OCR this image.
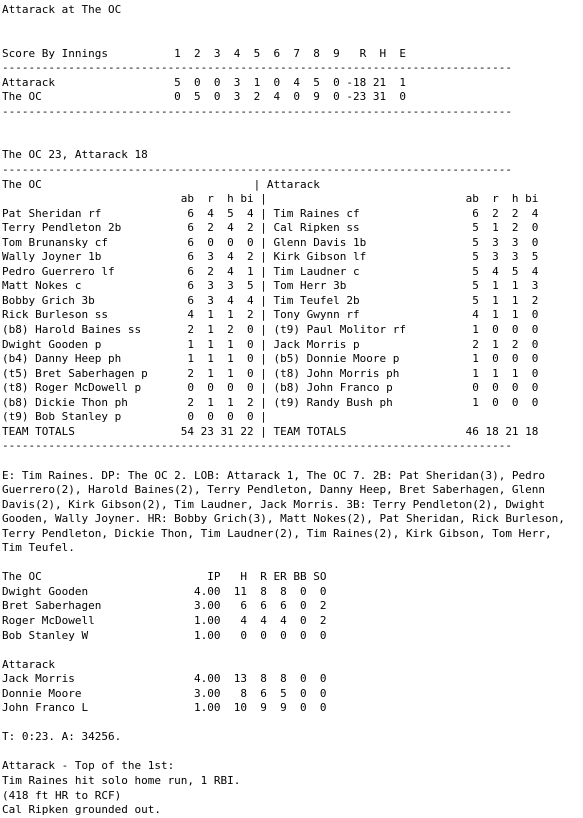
Attarack at The OC
Score By Innings          1  2  3  4  5  6  7  8  9   R  H  E
-----------------------------------------------------------------------------
Attarack                  5  0  0  3  1  0  4  5  0 -18 21  1
The OC                    0  5  0  3  2  4  0  9  0 -23 31  0
-----------------------------------------------------------------------------
The OC 23, Attarack 18
-----------------------------------------------------------------------------
The OC                                | Attarack
ab  r  h bi |                              ab  r  h bi
Pat Sheridan rf             6  4  5  4 | Tim Raines cf                 6  2  2  4
Terry Pendleton 2b          6  2  4  2 | Cal Ripken ss                 5  1  2  0
Tom Brunansky cf            6  0  0  0 | Glenn Davis 1b                5  3  3  0
Wally Joyner 1b             6  3  4  2 | Kirk Gibson lf                5  3  3  5
Pedro Guerrero lf           6  2  4  1 | Tim Laudner c                 5  4  5  4
Matt Nokes c                6  3  3  5 | Tom Herr 3b                   5  1  1  3
Bobby Grich 3b              6  3  4  4 | Tim Teufel 2b                 5  1  1  2
Rick Burleson ss            4  1  1  2 | Tony Gwynn rf                 4  1  1  0
(b8) Harold Baines ss       2  1  2  0 | (t9) Paul Molitor rf          1  0  0  0
Dwight Gooden p             1  1  1  0 | Jack Morris p                 2  1  2  0
(b4) Danny Heep ph          1  1  1  0 | (b5) Donnie Moore p           1  0  0  0
(t5) Bret Saberhagen p      2  1  1  0 | (t8) John Morris ph           1  1  1  0
(t8) Roger McDowell p       0  0  0  0 | (b8) John Franco p            0  0  0  0
(b8) Dickie Thon ph         2  1  1  2 | (t9) Randy Bush ph            1  0  0  0
(t9) Bob Stanley p          0  0  0  0 |
TEAM TOTALS                54 23 31 22 | TEAM TOTALS                  46 18 21 18
-----------------------------------------------------------------------------
E: Tim Raines. DP: The OC 2. LOB: Attarack 1, The OC 7. 2B: Pat Sheridan(3), Pedro
Guerrero(2), Harold Baines(2), Terry Pendleton, Danny Heep, Bret Saberhagen, Glenn
Davis(2), Kirk Gibson(2), Tim Laudner, Jack Morris. 3B: Terry Pendleton(2), Dwight
Gooden, Wally Joyner. HR: Bobby Grich(3), Matt Nokes(2), Pat Sheridan, Rick Burleson,
Terry Pendleton, Dickie Thon, Tim Laudner(2), Tim Raines(2), Kirk Gibson, Tom Herr,
Tim Teufel.
The OC                         IP   H  R ER BB SO
Dwight Gooden                4.00  11  8  8  0  0
Bret Saberhagen              3.00   6  6  6  0  2
Roger McDowell               1.00   4  4  4  0  2
Bob Stanley W                1.00   0  0  0  0  0
Attarack
Jack Morris                  4.00  13  8  8  0  0
Donnie Moore                 3.00   8  6  5  0  0
John Franco L                1.00  10  9  9  0  0
T: 0:23. A: 34256.
Attarack - Top of the 1st:
Tim Raines hit solo home run, 1 RBI.
(418 ft HR to RCF)
Cal Ripken grounded out.
